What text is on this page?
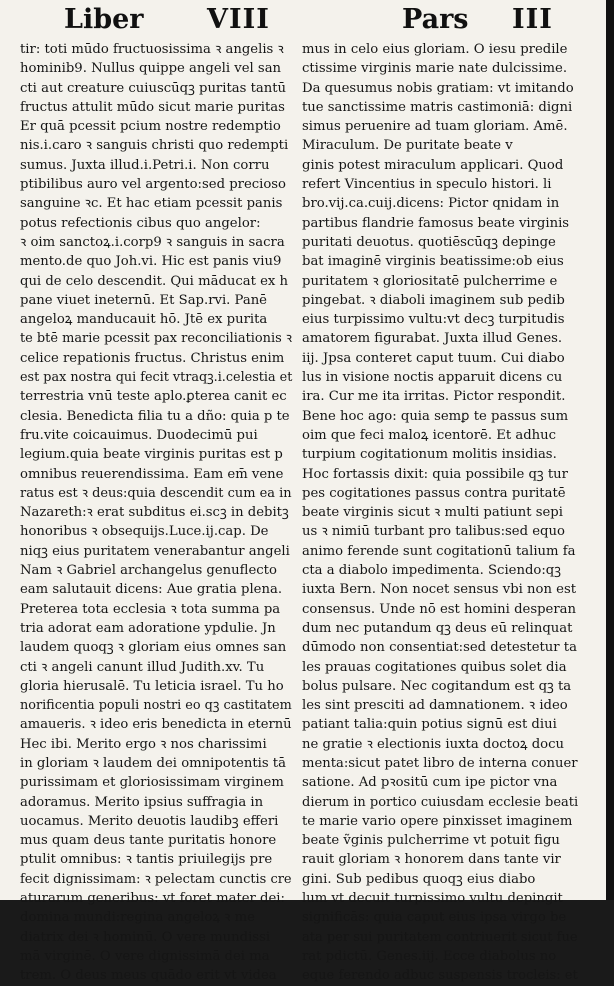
Liber VIII	Pars III
tir: toti mūdo fructuosissima ꝛ angelis ꝛ
hominib9. Nullus quippe angeli vel san
cti aut creature cuiuscūqꝫ puritas tantū
fructus attulit mūdo sicut marie puritas
Er quā pcessit pcium nostre redemptio
nis.i.caro ꝛ sanguis christi quo redempti
sumus. Juxta illud.i.Petri.i. Non corru
ptibilibus auro vel argento:sed precioso
sanguine ꝛc. Et hac etiam pcessit panis
potus refectionis cibus quo angelor:
ꝛ oim sanctoꝝ.i.corp9 ꝛ sanguis in sacra
mento.de quo Joh.vi. Hic est panis viu9
qui de celo descendit. Qui māducat ex h
pane viuet ineternū. Et Sap.rvi. Panē
angeloꝝ manducauit hō. Jtē ex purita
te btē marie pcessit pax reconciliationis ꝛ
celice repationis fructus. Christus enim
est pax nostra qui fecit vtraqꝫ.i.celestia et
terrestria vnū teste aplo.ꝑterea canit ec
clesia. Benedicta filia tu a dño: quia p te
fru.vite coicauimus. Duodecimū pui
legium.quia beate virginis puritas est p
omnibus reuerendissima. Eam em̄ vene
ratus est ꝛ deus:quia descendit cum ea in
Nazareth:ꝛ erat subditus ei.scꝫ in debitꝫ
honoribus ꝛ obsequijs.Luce.ij.cap. De
niqꝫ eius puritatem venerabantur angeli
Nam ꝛ Gabriel archangelus genuflecto
eam salutauit dicens: Aue gratia plena.
Preterea tota ecclesia ꝛ tota summa pa
tria adorat eam adoratione ypdulie. Jn
laudem quoqꝫ ꝛ gloriam eius omnes san
cti ꝛ angeli canunt illud Judith.xv. Tu
gloria hierusalē. Tu leticia israel. Tu ho
norificentia populi nostri eo qꝫ castitatem
amaueris. ꝛ ideo eris benedicta in eternū
Hec ibi. Merito ergo ꝛ nos charissimi
in gloriam ꝛ laudem dei omnipotentis tā
purissimam et gloriosissimam virginem
adoramus. Merito ipsius suffragia in
uocamus. Merito deuotis laudibꝫ efferi
mus quam deus tante puritatis honore
ptulit omnibus: ꝛ tantis priuilegijs pre
fecit dignissimam: ꝛ pelectam cunctis cre
aturarum generibus: vt foret mater dei:
domina mundi:regina angeloꝝ ꝛ me
diatrix dei ꝛ hominū. O vere mundissi
mā virginē. O vere dignissimā dei ma
trem. O deus meus quādo erit vt videa
mus in celo eius gloriam. O iesu predile
ctissime virginis marie nate dulcissime.
Da quesumus nobis gratiam: vt imitando
tue sanctissime matris castimoniā: digni
simus peruenire ad tuam gloriam. Amē.
Miraculum. De puritate beate v
ginis potest miraculum applicari. Quod
refert Vincentius in speculo histori. li
bro.vij.ca.cuij.dicens: Pictor qnidam in
partibus flandrie famosus beate virginis
puritati deuotus. quotiēscūqꝫ depinge
bat imaginē virginis beatissime:ob eius
puritatem ꝛ gloriositatē pulcherrime e
pingebat. ꝛ diaboli imaginem sub pedib
eius turpissimo vultu:vt decꝫ turpitudis
amatorem figurabat. Juxta illud Genes.
iij. Jpsa conteret caput tuum. Cui diabo
lus in visione noctis apparuit dicens cu
ira. Cur me ita irritas. Pictor respondit.
Bene hoc ago: quia semꝑ te passus sum
oim que feci maloꝝ icentorē. Et adhuc
turpium cogitationum molitis insidias.
Hoc fortassis dixit: quia possibile qꝫ tur
pes cogitationes passus contra puritatē
beate virginis sicut ꝛ multi patiunt sepi
us ꝛ nimiū turbant pro talibus:sed equo
animo ferende sunt cogitationū talium fa
cta a diabolo impedimenta. Sciendo:qꝫ
iuxta Bern. Non nocet sensus vbi non est
consensus. Unde nō est homini desperan
dum nec putandum qꝫ deus eū relinquat
dūmodo non consentiat:sed detestetur ta
les prauas cogitationes quibus solet dia
bolus pulsare. Nec cogitandum est qꝫ ta
les sint presciti ad damnationem. ꝛ ideo
patiant talia:quin potius signū est diui
ne gratie ꝛ electionis iuxta doctoꝝ docu
menta:sicut patet libro de interna conuer
satione. Ad pꝛositū cum ipe pictor vna
dierum in portico cuiusdam ecclesie beati
te marie vario opere pinxisset imaginem
beate ṽginis pulcherrime vt potuit figu
rauit gloriam ꝛ honorem dans tante vir
gini. Sub pedibus quoqꝫ eius diabo
lum vt decuit turpissimo vultu depingit
significās: quia caput eius ipsa virgo be
ata per sui puritatem contriuerit sicut fue
rat pdictū. Genes.iij. Ecce diabolus no
eque ferendo adbuc suspensis trocleis: et
